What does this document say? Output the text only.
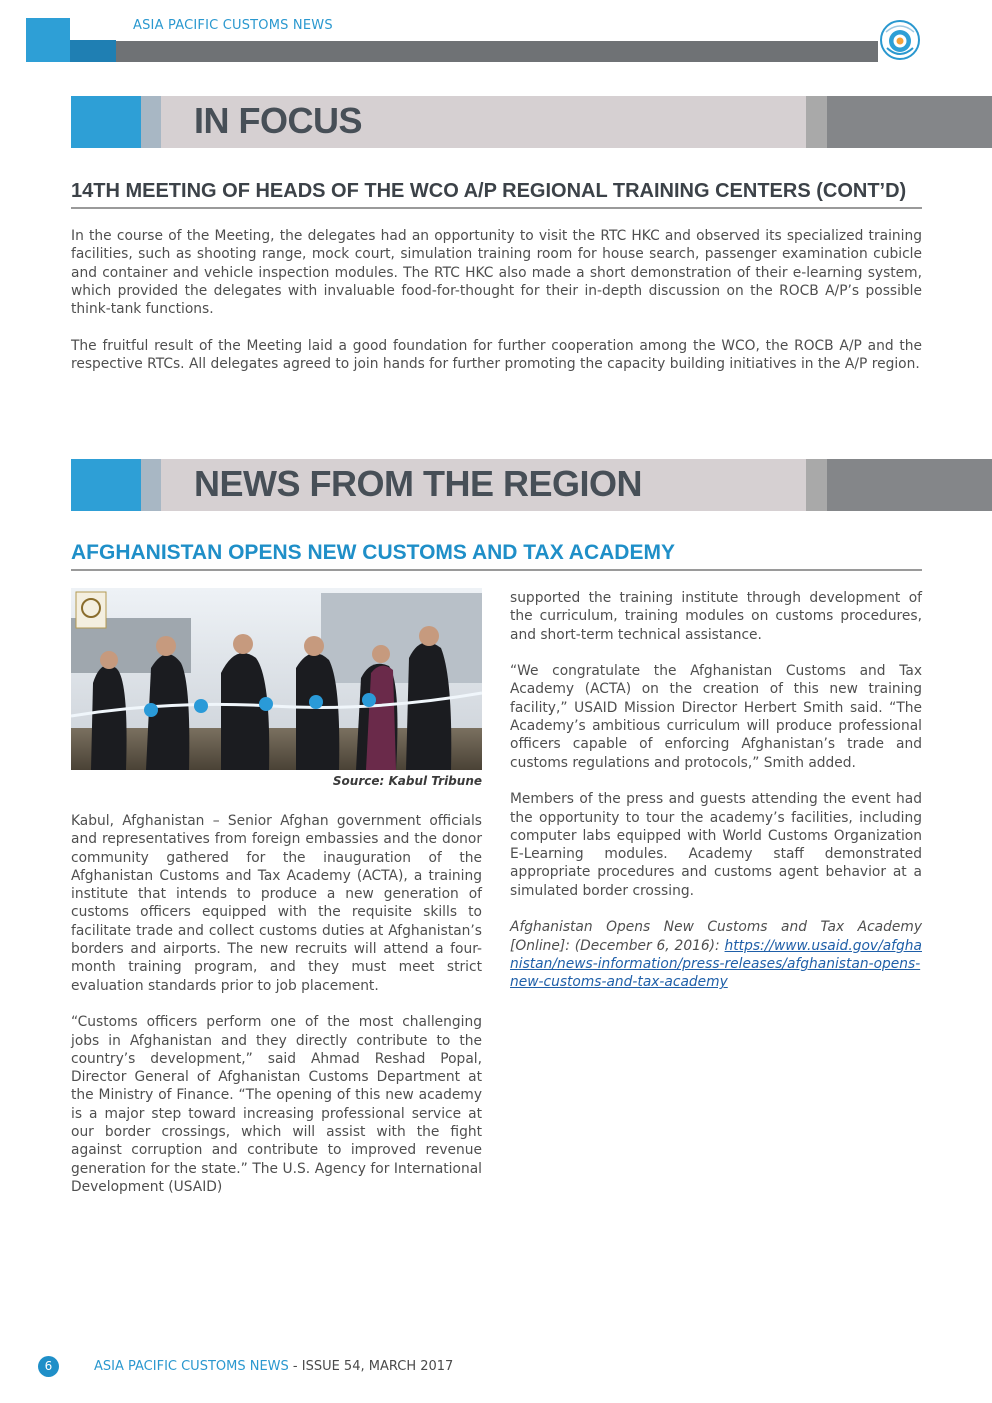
ASIA PACIFIC CUSTOMS NEWS
IN FOCUS
14TH MEETING OF HEADS OF THE WCO A/P REGIONAL TRAINING CENTERS (CONT’D)

In the course of the Meeting, the delegates had an opportunity to visit the RTC HKC and observed its specialized training facilities, such as shooting range, mock court, simulation training room for house search, passenger examination cubicle and container and vehicle inspection modules. The RTC HKC also made a short demonstration of their e-learning system, which provided the delegates with invaluable food-for-thought for their in-depth discussion on the ROCB A/P’s possible think-tank functions.

The fruitful result of the Meeting laid a good foundation for further cooperation among the WCO, the ROCB A/P and the respective RTCs. All delegates agreed to join hands for further promoting the capacity building initiatives in the A/P region.

NEWS FROM THE REGION
AFGHANISTAN OPENS NEW CUSTOMS AND TAX ACADEMY
Source: Kabul Tribune

Kabul, Afghanistan – Senior Afghan government officials and representatives from foreign embassies and the donor community gathered for the inauguration of the Afghanistan Customs and Tax Academy (ACTA), a training institute that intends to produce a new generation of customs officers equipped with the requisite skills to facilitate trade and collect customs duties at Afghanistan’s borders and airports. The new recruits will attend a four-month training program, and they must meet strict evaluation standards prior to job placement.

“Customs officers perform one of the most challenging jobs in Afghanistan and they directly contribute to the country’s development,” said Ahmad Reshad Popal, Director General of Afghanistan Customs Department at the Ministry of Finance. “The opening of this new academy is a major step toward increasing professional service at our border crossings, which will assist with the fight against corruption and contribute to improved revenue generation for the state.” The U.S. Agency for International Development (USAID)

supported the training institute through development of the curriculum, training modules on customs procedures, and short-term technical assistance.

“We congratulate the Afghanistan Customs and Tax Academy (ACTA) on the creation of this new training facility,” USAID Mission Director Herbert Smith said. “The Academy’s ambitious curriculum will produce professional officers capable of enforcing Afghanistan’s trade and customs regulations and protocols,” Smith added.

Members of the press and guests attending the event had the opportunity to tour the academy’s facilities, including computer labs equipped with World Customs Organization E-Learning modules. Academy staff demonstrated appropriate procedures and customs agent behavior at a simulated border crossing.

Afghanistan Opens New Customs and Tax Academy [Online]: (December 6, 2016): https://www.usaid.gov/afghanistan/news-information/press-releases/afghanistan-opens-new-customs-and-tax-academy

6	ASIA PACIFIC CUSTOMS NEWS - ISSUE 54, MARCH 2017
